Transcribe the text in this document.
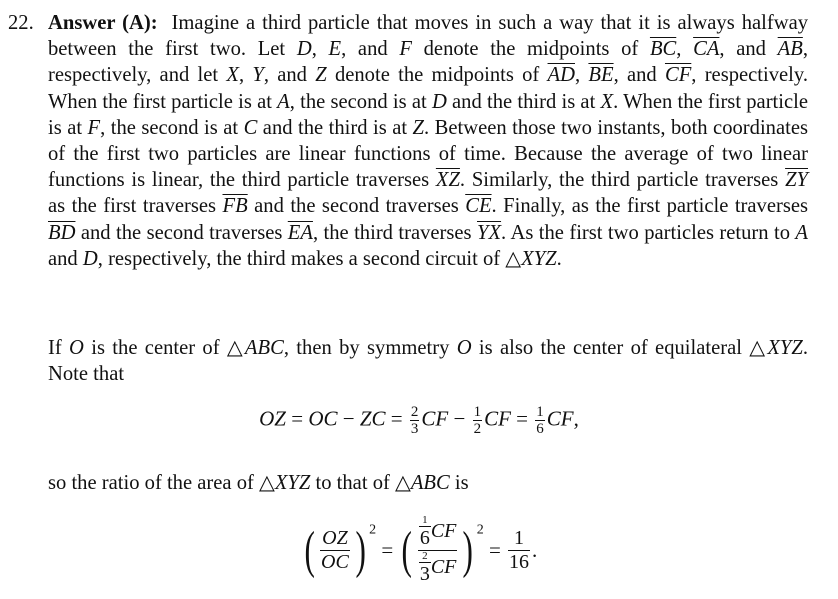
22. Answer (A): Imagine a third particle that moves in such a way that it is always halfway between the first two. Let D, E, and F denote the midpoints of $\overline{BC}$, $\overline{CA}$, and $\overline{AB}$, respectively, and let X, Y, and Z denote the midpoints of $\overline{AD}$, $\overline{BE}$, and $\overline{CF}$, respectively. When the first particle is at A, the second is at D and the third is at X. When the first particle is at F, the second is at C and the third is at Z. Between those two instants, both coordinates of the first two particles are linear functions of time. Because the average of two linear functions is linear, the third particle traverses $\overline{XZ}$. Similarly, the third particle traverses $\overline{ZY}$ as the first traverses $\overline{FB}$ and the second traverses $\overline{CE}$. Finally, as the first particle traverses $\overline{BD}$ and the second traverses $\overline{EA}$, the third traverses $\overline{YX}$. As the first two particles return to A and D, respectively, the third makes a second circuit of △XYZ.
If O is the center of △ABC, then by symmetry O is also the center of equilateral △XYZ. Note that
OZ = OC − ZC = $\frac{2}{3}$ CF − $\frac{1}{2}$ CF = $\frac{1}{6}$ CF,
so the ratio of the area of △XYZ to that of △ABC is
( $\frac{OZ}{OC}$ ) $^2$ = ( 1
6 CF
2
3 CF ) $^2 = \frac{1}{16}$ .
